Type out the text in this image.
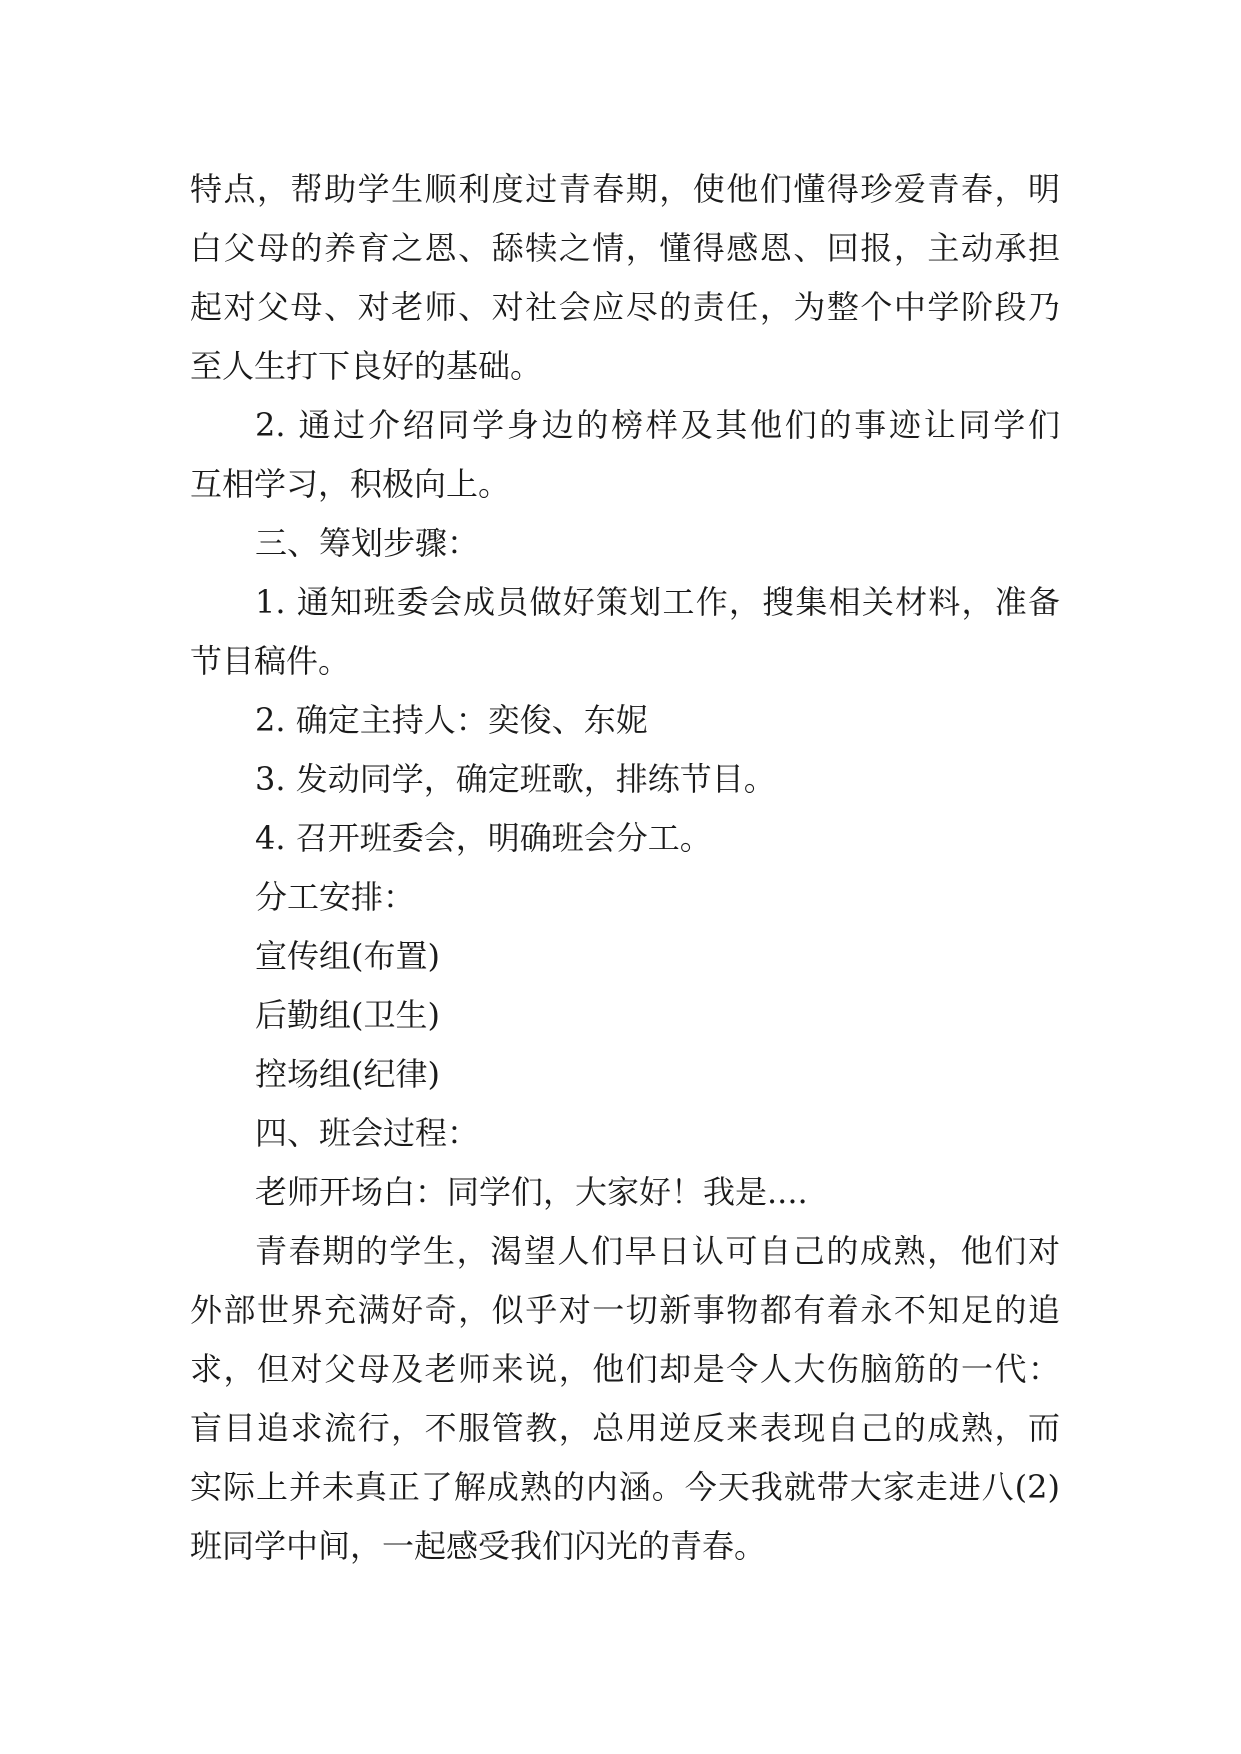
特点，帮助学生顺利度过青春期，使他们懂得珍爱青春，明
白父母的养育之恩、舔犊之情，懂得感恩、回报，主动承担
起对父母、对老师、对社会应尽的责任，为整个中学阶段乃
至人生打下良好的基础。
2. 通过介绍同学身边的榜样及其他们的事迹让同学们
互相学习，积极向上。
三、筹划步骤：
1. 通知班委会成员做好策划工作，搜集相关材料，准备
节目稿件。
2. 确定主持人：奕俊、东妮
3. 发动同学，确定班歌，排练节目。
4. 召开班委会，明确班会分工。
分工安排：
宣传组(布置)
后勤组(卫生)
控场组(纪律)
四、班会过程：
老师开场白：同学们，大家好！我是....
青春期的学生，渴望人们早日认可自己的成熟，他们对
外部世界充满好奇，似乎对一切新事物都有着永不知足的追
求，但对父母及老师来说，他们却是令人大伤脑筋的一代：
盲目追求流行，不服管教，总用逆反来表现自己的成熟，而
实际上并未真正了解成熟的内涵。今天我就带大家走进八(2)
班同学中间，一起感受我们闪光的青春。
